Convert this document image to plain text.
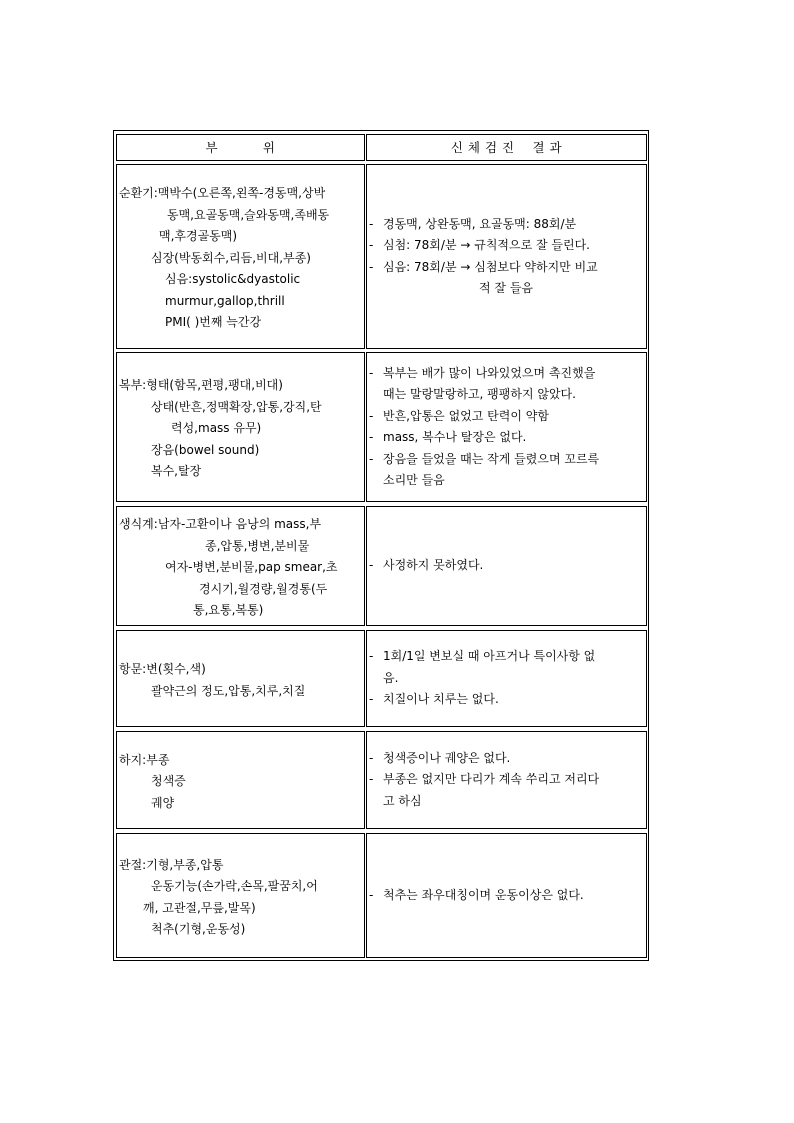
부          위	신 체 검 진    결 과
순환기:맥박수(오른쪽,왼쪽-경동맥,상박
동맥,요골동맥,슬와동맥,족배동
맥,후경골동맥)
심장(박동회수,리듬,비대,부종)
심음:systolic&dyastolic
murmur,gallop,thrill
PMI( )번째 늑간강
- 경동맥, 상완동맥, 요골동맥: 88회/분
- 심첨: 78회/분 → 규칙적으로 잘 들린다.
- 심음: 78회/분 → 심첨보다 약하지만 비교
적 잘 들음
복부:형태(함목,편평,팽대,비대)
상태(반흔,정맥확장,압통,강직,탄
력성,mass 유무)
장음(bowel sound)
복수,탈장
- 복부는 배가 많이 나와있었으며 촉진했을
때는 말랑말랑하고, 팽팽하지 않았다.
- 반흔,압통은 없었고 탄력이 약함
- mass, 복수나 탈장은 없다.
- 장음을 들었을 때는 작게 들렸으며 꼬르륵
소리만 들음
생식계:남자-고환이나 음낭의 mass,부
종,압통,병변,분비물
여자-병변,분비물,pap smear,초
경시기,월경량,월경통(두
통,요통,복통)
- 사정하지 못하였다.
항문:변(횟수,색)
괄약근의 정도,압통,치루,치질
- 1회/1일 변보실 때 아프거나 특이사항 없
음.
- 치질이나 치루는 없다.
하지:부종
청색증
궤양
- 청색증이나 궤양은 없다.
- 부종은 없지만 다리가 계속 쑤리고 저리다
고 하심
관절:기형,부종,압통
운동기능(손가락,손목,팔꿈치,어
깨, 고관절,무릎,발목)
척추(기형,운동성)
- 척추는 좌우대칭이며 운동이상은 없다.
